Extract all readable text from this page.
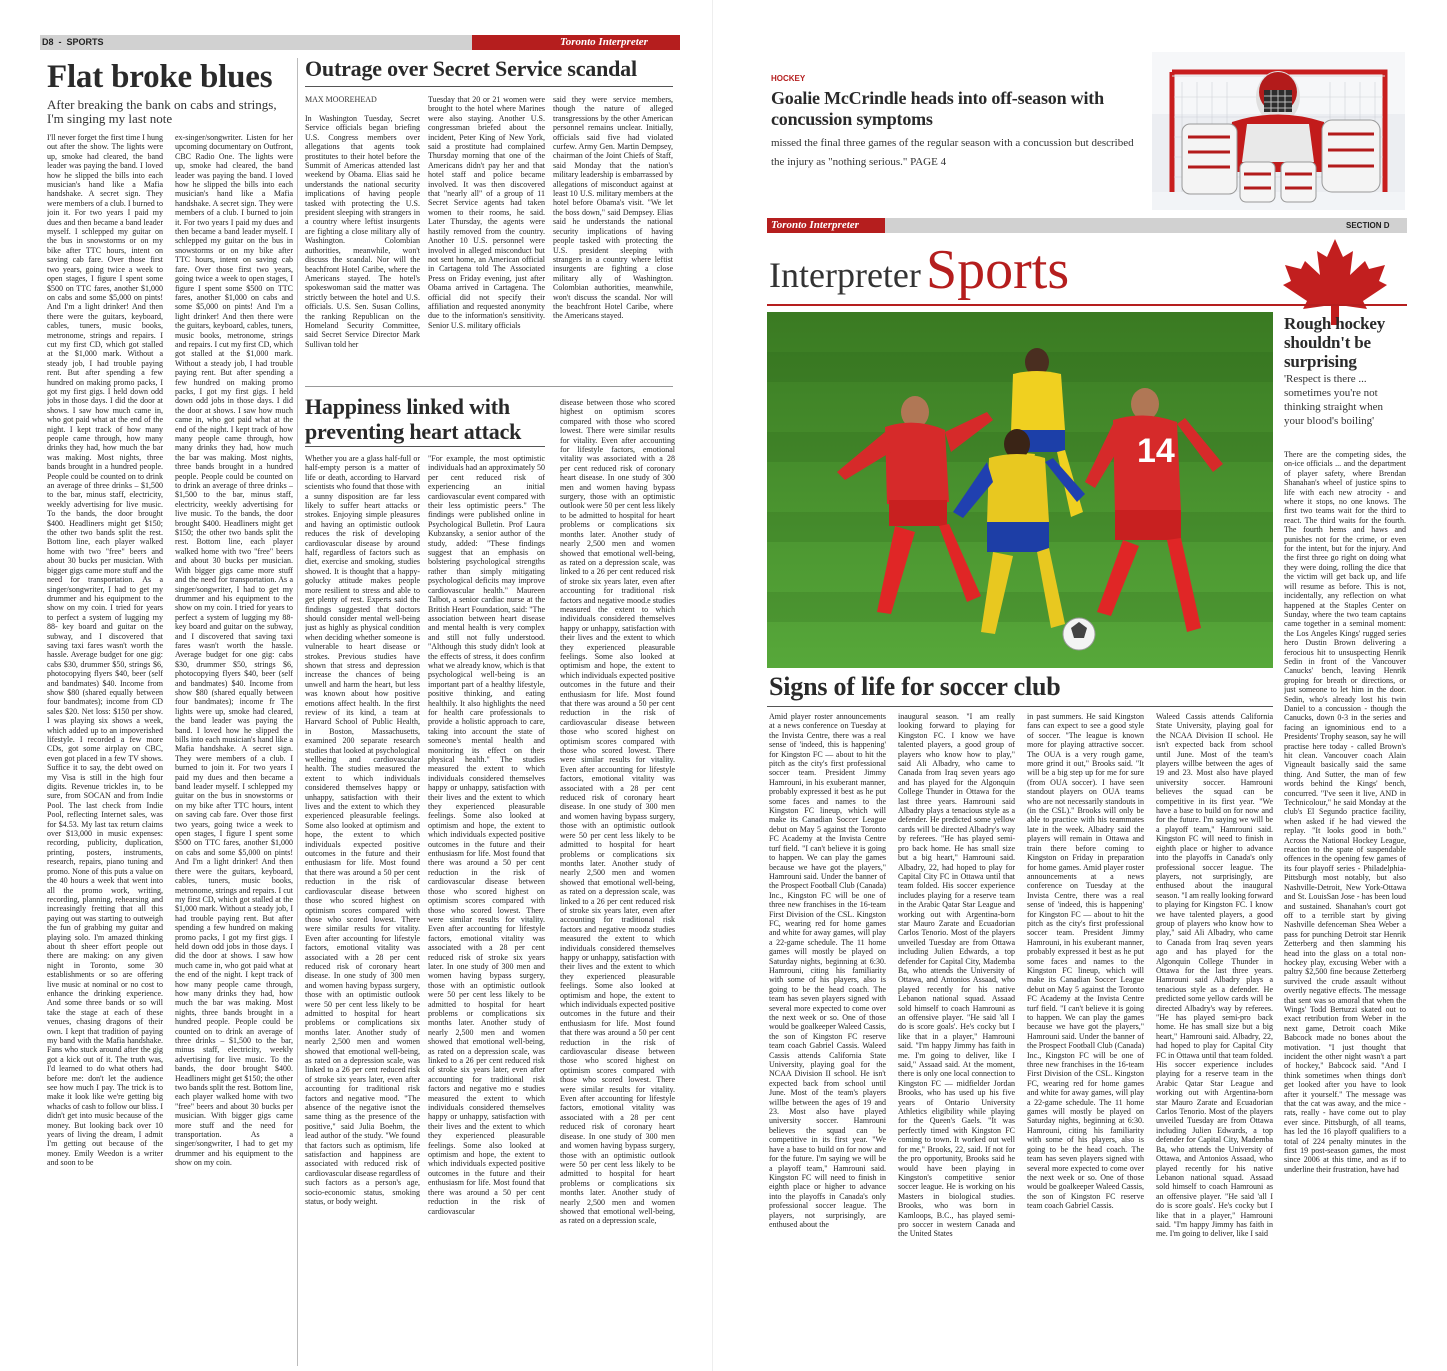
D8  -  SPORTS	Toronto Interpreter
Flat broke blues
After breaking the bank on cabs and strings, I'm singing my last note
I'll never forget the first time I hung out after the show. The lights were up, smoke had cleared, the band leader was paying the band. I loved how he slipped the bills into each musician's hand like a Mafia handshake. A secret sign. They were members of a club. I burned to join it. For two years I paid my dues and then became a band leader myself. I schlepped my guitar on the bus in snowstorms or on my bike after TTC hours, intent on saving cab fare. Over those first two years, going twice a week to open stages, I figure I spent some $500 on TTC fares, another $1,000 on cabs and some $5,000 on pints! And I'm a light drinker! And then there were the guitars, keyboard, cables, tuners, music books, metronome, strings and repairs. I cut my first CD, which got stalled at the $1,000 mark. Without a steady job, I had trouble paying rent. But after spending a few hundred on making promo packs, I got my first gigs. I held down odd jobs in those days. I did the door at shows. I saw how much came in, who got paid what at the end of the night. I kept track of how many people came through, how many drinks they had, how much the bar was making. Most nights, three bands brought in a hundred people. People could be counted on to drink an average of three drinks – $1,500 to the bar, minus staff, electricity, weekly advertising for live music. To the bands, the door brought $400. Headliners might get $150; the other two bands split the rest. Bottom line, each player walked home with two "free" beers and about 30 bucks per musician. With bigger gigs came more stuff and the need for transportation. As a singer/songwriter, I had to get my drummer and his equipment to the show on my coin. I tried for years to perfect a system of lugging my 88- key board and guitar on the subway, and I discovered that saving taxi fares wasn't worth the hassle. Average budget for one gig: cabs $30, drummer $50, strings $6, photocopying flyers $40, beer (self and bandmates) $40. Income from show $80 (shared equally between four bandmates); income from CD sales $20. Net loss: $150 per show. I was playing six shows a week, which added up to an impoverished lifestyle. I recorded a few more CDs, got some airplay on CBC, even got placed in a few TV shows. Suffice it to say, the debt owed on my Visa is still in the high four digits. Revenue trickles in, to be sure, from SOCAN and from Indie Pool. The last check from Indie Pool, reflecting Internet sales, was for $4.53. My last tax return claims over $13,000 in music expenses: recording, publicity, duplication, printing, posters, instruments, research, repairs, piano tuning and promo. None of this puts a value on the 40 hours a week that went into all the promo work, writing, recording, planning, rehearsing and increasingly fretting that all this paying out was starting to outweigh the fun of grabbing my guitar and playing solo. I'm amazed thinking about th sheer effort people out there are making: on any given night in Toronto, some 30 establishments or so are offering live music at nominal or no cost to enhance the drinking experience. And some three bands or so will take the stage at each of these venues, chasing dragons of their own. I kept that tradition of paying my band with the Mafia handshake. Fans who stuck around after the gig got a kick out of it. The truth was, I'd learned to do what others had before me: don't let the audience see how much I pay. The trick is to make it look like we're getting big whacks of cash to follow our bliss. I didn't get into music because of the money. But looking back over 10 years of living the dream, I admit I'm getting out because of the money. Emily Weedon is a writer and soon to be
ex-singer/songwriter. Listen for her upcoming documentary on Outfront, CBC Radio One. The lights were up, smoke had cleared, the band leader was paying the band. I loved how he slipped the bills into each musician's hand like a Mafia handshake. A secret sign. They were members of a club. I burned to join it. For two years I paid my dues and then became a band leader myself. I schlepped my guitar on the bus in snowstorms or on my bike after TTC hours, intent on saving cab fare. Over those first two years, going twice a week to open stages, I figure I spent some $500 on TTC fares, another $1,000 on cabs and some $5,000 on pints! And I'm a light drinker! And then there were the guitars, keyboard, cables, tuners, music books, metronome, strings and repairs. I cut my first CD, which got stalled at the $1,000 mark. Without a steady job, I had trouble paying rent. But after spending a few hundred on making promo packs, I got my first gigs. I held down odd jobs in those days. I did the door at shows. I saw how much came in, who got paid what at the end of the night. I kept track of how many people came through, how many drinks they had, how much the bar was making. Most nights, three bands brought in a hundred people. People could be counted on to drink an average of three drinks – $1,500 to the bar, minus staff, electricity, weekly advertising for live music. To the bands, the door brought $400. Headliners might get $150; the other two bands split the rest. Bottom line, each player walked home with two "free" beers and about 30 bucks per musician. With bigger gigs came more stuff and the need for transportation. As a singer/songwriter, I had to get my drummer and his equipment to the show on my coin. I tried for years to perfect a system of lugging my 88- key board and guitar on the subway, and I discovered that saving taxi fares wasn't worth the hassle. Average budget for one gig: cabs $30, drummer $50, strings $6, photocopying flyers $40, beer (self and bandmates) $40. Income from show $80 (shared equally between four bandmates); income fr The lights were up, smoke had cleared, the band leader was paying the band. I loved how he slipped the bills into each musician's hand like a Mafia handshake. A secret sign. They were members of a club. I burned to join it. For two years I paid my dues and then became a band leader myself. I schlepped my guitar on the bus in snowstorms or on my bike after TTC hours, intent on saving cab fare. Over those first two years, going twice a week to open stages, I figure I spent some $500 on TTC fares, another $1,000 on cabs and some $5,000 on pints! And I'm a light drinker! And then there were the guitars, keyboard, cables, tuners, music books, metronome, strings and repairs. I cut my first CD, which got stalled at the $1,000 mark. Without a steady job, I had trouble paying rent. But after spending a few hundred on making promo packs, I got my first gigs. I held down odd jobs in those days. I did the door at shows. I saw how much came in, who got paid what at the end of the night. I kept track of how many people came through, how many drinks they had, how much the bar was making. Most nights, three bands brought in a hundred people. People could be counted on to drink an average of three drinks – $1,500 to the bar, minus staff, electricity, weekly advertising for live music. To the bands, the door brought $400. Headliners might get $150; the other two bands split the rest. Bottom line, each player walked home with two "free" beers and about 30 bucks per musician. With bigger gigs came more stuff and the need for transportation. As a singer/songwriter, I had to get my drummer and his equipment to the show on my coin.
Outrage over Secret Service scandal
MAX MOOREHEAD
In Washington Tuesday, Secret Service officials began briefing U.S. Congress members over allegations that agents took prostitutes to their hotel before the Summit of Americas attended last weekend by Obama. Elias said he understands the national security implications of having people tasked with protecting the U.S. president sleeping with strangers in a country where leftist insurgents are fighting a close military ally of Washington. Colombian authorities, meanwhile, won't discuss the scandal. Nor will the beachfront Hotel Caribe, where the Americans stayed. The hotel's spokeswoman said the matter was strictly between the hotel and U.S. officials. U.S. Sen. Susan Collins, the ranking Republican on the Homeland Security Committee, said Secret Service Director Mark Sullivan told her
Tuesday that 20 or 21 women were brought to the hotel where Marines were also staying. Another U.S. congressman briefed about the incident, Peter King of New York, said a prostitute had complained Thursday morning that one of the Americans didn't pay her and that hotel staff and police became involved. It was then discovered that "nearly all" of a group of 11 Secret Service agents had taken women to their rooms, he said. Later Thursday, the agents were hastily removed from the country. Another 10 U.S. personnel were involved in alleged misconduct but not sent home, an American official in Cartagena told The Associated Press on Friday evening, just after Obama arrived in Cartagena. The official did not specify their affiliation and requested anonymity due to the information's sensitivity. Senior U.S. military officials
said they were service members, though the nature of alleged transgressions by the other American personnel remains unclear. Initially, officials said five had violated curfew. Army Gen. Martin Dempsey, chairman of the Joint Chiefs of Staff, said Monday that the nation's military leadership is embarrassed by allegations of misconduct against at least 10 U.S. military members at the hotel before Obama's visit. "We let the boss down," said Dempsey. Elias said he understands the national security implications of having people tasked with protecting the U.S. president sleeping with strangers in a country where leftist insurgents are fighting a close military ally of Washington. Colombian authorities, meanwhile, won't discuss the scandal. Nor will the beachfront Hotel Caribe, where the Americans stayed.
Happiness linked with preventing heart attack
Whether you are a glass half-full or half-empty person is a matter of life or death, according to Harvard scientists who found that those with a sunny disposition are far less likely to suffer heart attacks or strokes. Enjoying simple pleasures and having an optimistic outlook reduces the risk of developing cardiovascular disease by around half, regardless of factors such as diet, exercise and smoking, studies showed. It is thought that a happy-golucky attitude makes people more resilient to stress and able to get plenty of rest. Experts said the findings suggested that doctors should consider mental well-being just as highly as physical condition when deciding whether someone is vulnerable to heart disease or strokes. Previous studies have shown that stress and depression increase the chances of being unwell and harm the heart, but less was known about how positive emotions affect health. In the first review of its kind, a team at Harvard School of Public Health, in Boston, Massachusetts, examined 200 separate research studies that looked at psychological wellbeing and cardiovascular health. The studies measured the extent to which individuals considered themselves happy or unhappy, satisfaction with their lives and the extent to which they experienced pleasurable feelings. Some also looked at optimism and hope, the extent to which individuals expected positive outcomes in the future and their enthusiasm for life. Most found that there was around a 50 per cent reduction in the risk of cardiovascular disease between those who scored highest on optimism scores compared with those who scored lowest. There were similar results for vitality. Even after accounting for lifestyle factors, emotional vitality was associated with a 28 per cent reduced risk of coronary heart disease. In one study of 300 men and women having bypass surgery, those with an optimistic outlook were 50 per cent less likely to be admitted to hospital for heart problems or complications six months later. Another study of nearly 2,500 men and women showed that emotional well-being, as rated on a depression scale, was linked to a 26 per cent reduced risk of stroke six years later, even after accounting for traditional risk factors and negative mood. "The absence of the negative isnot the same thing as the presence of the positive," said Julia Boehm, the lead author of the study. "We found that factors such as optimism, life satisfaction and happiness are associated with reduced risk of cardiovascular disease regardless of such factors as a person's age, socio-economic status, smoking status, or body weight.
"For example, the most optimistic individuals had an approximately 50 per cent reduced risk of experiencing an initial cardiovascular event compared with their less optimistic peers." The findings were published online in Psychological Bulletin. Prof Laura Kubzansky, a senior author of the study, added: "These findings suggest that an emphasis on bolstering psychological strengths rather than simply mitigating psychological deficits may improve cardiovascular health." Maureen Talbot, a senior cardiac nurse at the British Heart Foundation, said: "The association between heart disease and mental health is very complex and still not fully understood. "Although this study didn't look at the effects of stress, it does confirm what we already know, which is that psychological well-being is an important part of a healthy lifestyle, positive thinking, and eating healthily. It also highlights the need for health care professionals to provide a holistic approach to care, taking into account the state of someone's mental health and monitoring its effect on their physical health." The studies measured the extent to which individuals considered themselves happy or unhappy, satisfaction with their lives and the extent to which they experienced pleasurable feelings. Some also looked at optimism and hope, the extent to which individuals expected positive outcomes in the future and their enthusiasm for life. Most found that there was around a 50 per cent reduction in the risk of cardiovascular disease between those who scored highest on optimism scores compared with those who scored lowest. There were similar results for vitality. Even after accounting for lifestyle factors, emotional vitality was associated with a 28 per cent reduced risk of stroke six years later. In one study of 300 men and women having bypass surgery, those with an optimistic outlook were 50 per cent less likely to be admitted to hospital for heart problems or complications six months later. Another study of nearly 2,500 men and women showed that emotional well-being, as rated on a depression scale, was linked to a 26 per cent reduced risk of stroke six years later, even after accounting for traditional risk factors and negative mo e studies measured the extent to which individuals considered themselves happy or unhappy, satisfaction with their lives and the extent to which they experienced pleasurable feelings. Some also looked at optimism and hope, the extent to which individuals expected positive outcomes in the future and their enthusiasm for life. Most found that there was around a 50 per cent reduction in the risk of cardiovascular
disease between those who scored highest on optimism scores compared with those who scored lowest. There were similar results for vitality. Even after accounting for lifestyle factors, emotional vitality was associated with a 28 per cent reduced risk of coronary heart disease. In one study of 300 men and women having bypass surgery, those with an optimistic outlook were 50 per cent less likely to be admitted to hospital for heart problems or complications six months later. Another study of nearly 2,500 men and women showed that emotional well-being, as rated on a depression scale, was linked to a 26 per cent reduced risk of stroke six years later, even after accounting for traditional risk factors and negative mood.e studies measured the extent to which individuals considered themselves happy or unhappy, satisfaction with their lives and the extent to which they experienced pleasurable feelings. Some also looked at optimism and hope, the extent to which individuals expected positive outcomes in the future and their enthusiasm for life. Most found that there was around a 50 per cent reduction in the risk of cardiovascular disease between those who scored highest on optimism scores compared with those who scored lowest. There were similar results for vitality. Even after accounting for lifestyle factors, emotional vitality was associated with a 28 per cent reduced risk of coronary heart disease. In one study of 300 men and women having bypass surgery, those with an optimistic outlook were 50 per cent less likely to be admitted to hospital for heart problems or complications six months later. Another study of nearly 2,500 men and women showed that emotional well-being, as rated on a depression scale, was linked to a 26 per cent reduced risk of stroke six years later, even after accounting for traditional risk factors and negative moodz studies measured the extent to which individuals considered themselves happy or unhappy, satisfaction with their lives and the extent to which they experienced pleasurable feelings. Some also looked at optimism and hope, the extent to which individuals expected positive outcomes in the future and their enthusiasm for life. Most found that there was around a 50 per cent reduction in the risk of cardiovascular disease between those who scored highest on optimism scores compared with those who scored lowest. There were similar results for vitality. Even after accounting for lifestyle factors, emotional vitality was associated with a 28 per cent reduced risk of coronary heart disease. In one study of 300 men and women having bypass surgery, those with an optimistic outlook were 50 per cent less likely to be admitted to hospital for heart problems or complications six months later. Another study of nearly 2,500 men and women showed that emotional well-being, as rated on a depression scale,
HOCKEY
Goalie McCrindle heads into off-season with concussion symptoms
missed the final three games of the regular season with a concussion but described the injury as "nothing serious." PAGE 4
Toronto Interpreter	SECTION D
Interpreter Sports
14
Rough hockey shouldn't be surprising
'Respect is there ... sometimes you're not thinking straight when your blood's boiling'
There are the competing sides, the on-ice officials ... and the department of player safety, where Brendan Shanahan's wheel of justice spins to life with each new atrocity - and where it stops, no one knows. The first two teams wait for the third to react. The third waits for the fourth. The fourth hems and haws and punishes not for the crime, or even for the intent, but for the injury. And the first three go right on doing what they were doing, rolling the dice that the victim will get back up, and life will resume as before. This is not, incidentally, any reflection on what happened at the Staples Center on Sunday, where the two team captains came together in a seminal moment: the Los Angeles Kings' rugged series hero Dustin Brown delivering a ferocious hit to unsuspecting Henrik Sedin in front of the Vancouver Canucks' bench, leaving Henrik groping for breath or directions, or just someone to let him in the door. Sedin, who's already lost his twin Daniel to a concussion - though the Canucks, down 0-3 in the series and facing an ignominious end to a Presidents' Trophy season, say he will practise here today - called Brown's hit clean. Vancouver coach Alain Vigneault basically said the same thing. And Sutter, the man of few words behind the Kings' bench, concurred. "I've seen it live, AND in Technicolour," he said Monday at the club's El Segundo practice facility, when asked if he had viewed the replay. "It looks good in both." Across the National Hockey League, reaction to the spate of suspendable offences in the opening few games of its four playoff series - Philadelphia-Pittsburgh most notably, but also Nashville-Detroit, New York-Ottawa and St. LouisSan Jose - has been loud and sustained. Shanahan's court got off to a terrible start by giving Nashville defenceman Shea Weber a pass for punching Detroit star Henrik Zetterberg and then slamming his head into the glass on a total non-hockey play, excusing Weber with a paltry $2,500 fine because Zetterberg survived the crude assault without overtly negative effects. The message that sent was so amoral that when the Wings' Todd Bertuzzi skated out to exact retribution from Weber in the next game, Detroit coach Mike Babcock made no bones about the motivation. "I just thought that incident the other night wasn't a part of hockey," Babcock said. "And I think sometimes when things don't get looked after you have to look after it yourself." The message was that the cat was away, and the mice - rats, really - have come out to play ever since. Pittsburgh, of all teams, has led the 16 playoff qualifiers to a total of 224 penalty minutes in the first 19 post-season games, the most since 2006 at this time, and as if to underline their frustration, have had
Signs of life for soccer club
Amid player roster announcements at a news conference on Tuesday at the Invista Centre, there was a real sense of 'indeed, this is happening' for Kingston FC — about to hit the pitch as the city's first professional soccer team. President Jimmy Hamrouni, in his exuberant manner, probably expressed it best as he put some faces and names to the Kingston FC lineup, which will make its Canadian Soccer League debut on May 5 against the Toronto FC Academy at the Invista Centre turf field. "I can't believe it is going to happen. We can play the games because we have got the players," Hamrouni said. Under the banner of the Prospect Football Club (Canada) Inc., Kingston FC will be one of three new franchises in the 16-team First Division of the CSL. Kingston FC, wearing red for home games and white for away games, will play a 22-game schedule. The 11 home games will mostly be played on Saturday nights, beginning at 6:30. Hamrouni, citing his familiarity with some of his players, also is going to be the head coach. The team has seven players signed with several more expected to come over the next week or so. One of those would be goalkeeper Waleed Cassis, the son of Kingston FC reserve team coach Gabriel Cassis. Waleed Cassis attends California State University, playing goal for the NCAA Division II school. He isn't expected back from school until June. Most of the team's players willbe between the ages of 19 and 23. Most also have played university soccer. Hamrouni believes the squad can be competitive in its first year. "We have a base to build on for now and for the future. I'm saying we will be a playoff team," Hamrouni said. Kingston FC will need to finish in eighth place or higher to advance into the playoffs in Canada's only professional soccer league. The players, not surprisingly, are enthused about the
inaugural season. "I am really looking forward to playing for Kingston FC. I know we have talented players, a good group of players who know how to play," said Ali Albadry, who came to Canada from Iraq seven years ago and has played for the Algonquin College Thunder in Ottawa for the last three years. Hamrouni said Albadry plays a tenacious style as a defender. He predicted some yellow cards will be directed Albadry's way by referees. "He has played semi-pro back home. He has small size but a big heart," Hamrouni said. Albadry, 22, had hoped to play for Capital City FC in Ottawa until that team folded. His soccer experience includes playing for a reserve team in the Arabic Qatar Star League and working out with Argentina-born star Mauro Zarate and Ecuadorian Carlos Tenorio. Most of the players unveiled Tuesday are from Ottawa including Julien Edwards, a top defender for Capital City, Mademba Ba, who attends the University of Ottawa, and Antonios Assaad, who played recently for his native Lebanon national squad. Assaad sold himself to coach Hamrouni as an offensive player. "He said 'all I do is score goals'. He's cocky but I like that in a player," Hamrouni said. "I'm happy Jimmy has faith in me. I'm going to deliver, like I said," Assaad said. At the moment, there is only one local connection to Kingston FC — midfielder Jordan Brooks, who has used up his five years of Ontario University Athletics eligibility while playing for the Queen's Gaels. "It was perfectly timed with Kingston FC coming to town. It worked out well for me," Brooks, 22, said. If not for the pro opportunity, Brooks said he would have been playing in Kingston's competitive senior soccer league. He is working on his Masters in biological studies. Brooks, who was born in Kamloops, B.C., has played semi-pro soccer in western Canada and the United States
in past summers. He said Kingston fans can expect to see a good style of soccer. "The league is known more for playing attractive soccer. The OUA is a very rough game, more grind it out," Brooks said. "It will be a big step up for me for sure (from OUA soccer). I have seen standout players on OUA teams who are not necessarily standouts in (in the CSL)." Brooks will only be able to practice with his teammates late in the week. Albadry said the players will remain in Ottawa and train there before coming to Kingston on Friday in preparation for home games. Amid player roster announcements at a news conference on Tuesday at the Invista Centre, there was a real sense of 'indeed, this is happening' for Kingston FC — about to hit the pitch as the city's first professional soccer team. President Jimmy Hamrouni, in his exuberant manner, probably expressed it best as he put some faces and names to the Kingston FC lineup, which will make its Canadian Soccer League debut on May 5 against the Toronto FC Academy at the Invista Centre turf field. "I can't believe it is going to happen. We can play the games because we have got the players," Hamrouni said. Under the banner of the Prospect Football Club (Canada) Inc., Kingston FC will be one of three new franchises in the 16-team First Division of the CSL. Kingston FC, wearing red for home games and white for away games, will play a 22-game schedule. The 11 home games will mostly be played on Saturday nights, beginning at 6:30. Hamrouni, citing his familiarity with some of his players, also is going to be the head coach. The team has seven players signed with several more expected to come over the next week or so. One of those would be goalkeeper Waleed Cassis, the son of Kingston FC reserve team coach Gabriel Cassis.
Waleed Cassis attends California State University, playing goal for the NCAA Division II school. He isn't expected back from school until June. Most of the team's players willbe between the ages of 19 and 23. Most also have played university soccer. Hamrouni believes the squad can be competitive in its first year. "We have a base to build on for now and for the future. I'm saying we will be a playoff team," Hamrouni said. Kingston FC will need to finish in eighth place or higher to advance into the playoffs in Canada's only professional soccer league. The players, not surprisingly, are enthused about the inaugural season. "I am really looking forward to playing for Kingston FC. I know we have talented players, a good group of players who know how to play," said Ali Albadry, who came to Canada from Iraq seven years ago and has played for the Algonquin College Thunder in Ottawa for the last three years. Hamrouni said Albadry plays a tenacious style as a defender. He predicted some yellow cards will be directed Albadry's way by referees. "He has played semi-pro back home. He has small size but a big heart," Hamrouni said. Albadry, 22, had hoped to play for Capital City FC in Ottawa until that team folded. His soccer experience includes playing for a reserve team in the Arabic Qatar Star League and working out with Argentina-born star Mauro Zarate and Ecuadorian Carlos Tenorio. Most of the players unveiled Tuesday are from Ottawa including Julien Edwards, a top defender for Capital City, Mademba Ba, who attends the University of Ottawa, and Antonios Assaad, who played recently for his native Lebanon national squad. Assaad sold himself to coach Hamrouni as an offensive player. "He said 'all I do is score goals'. He's cocky but I like that in a player," Hamrouni said. "I'm happy Jimmy has faith in me. I'm going to deliver, like I said
